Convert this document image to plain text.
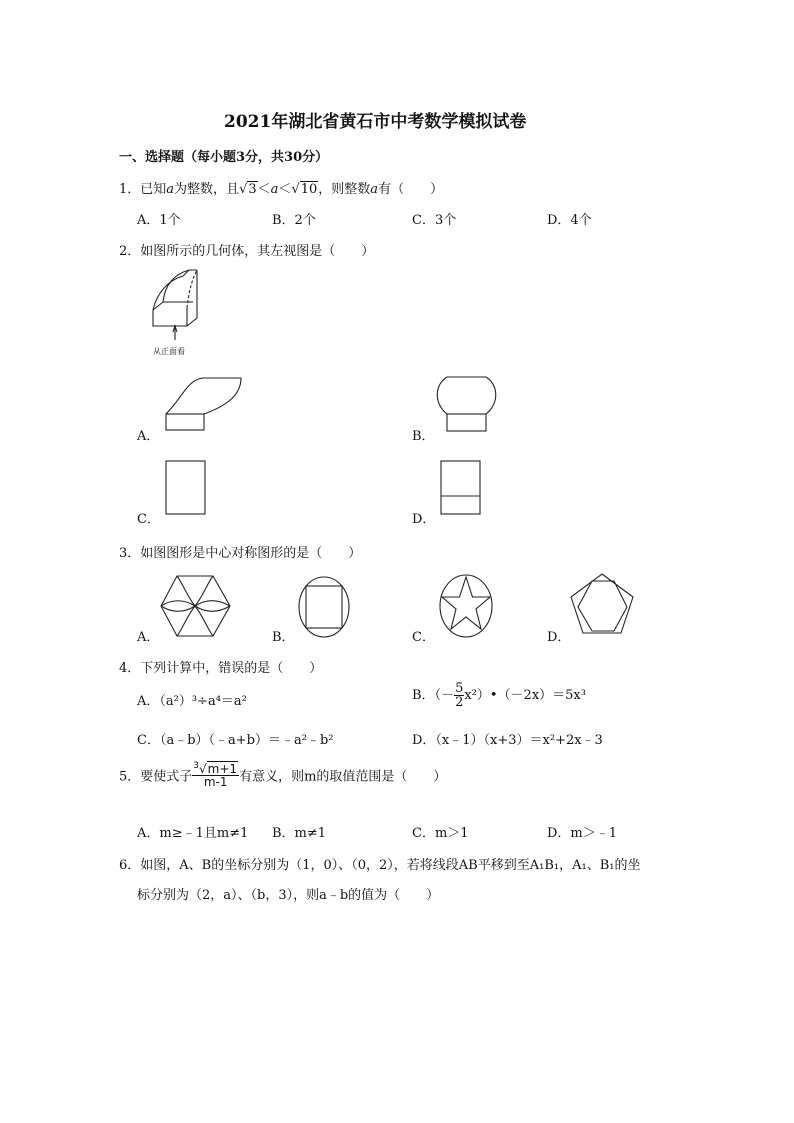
2021年湖北省黄石市中考数学模拟试卷
一、选择题（每小题3分，共30分）
1．已知a为整数，且√3＜a＜√10，则整数a有（　　）
A．1个	B．2个	C．3个	D．4个
2．如图所示的几何体，其左视图是（　　）
从正面看
A．	B．
C．	D．
3．如图图形是中心对称图形的是（　　）
A．	B．	C．	D．
4．下列计算中，错误的是（　　）
A．（a²）³÷a⁴＝a²	B．（－ $\frac{5}{2}$ x²）•（－2x）＝5x³
C．（a﹣b）（﹣a+b）＝﹣a²﹣b²	D．（x﹣1）（x+3）＝x²+2x﹣3
5．要使式子 $\frac{^3√m+1}{m-1}$ 有意义，则m的取值范围是（　　）
A．m≥﹣1且m≠1 B．m≠1	C．m＞1	D．m＞﹣1
6．如图，A、B的坐标分别为（1，0）、（0，2），若将线段AB平移到至A₁B₁，A₁、B₁的坐
标分别为（2，a）、（b，3），则a﹣b的值为（　　）
